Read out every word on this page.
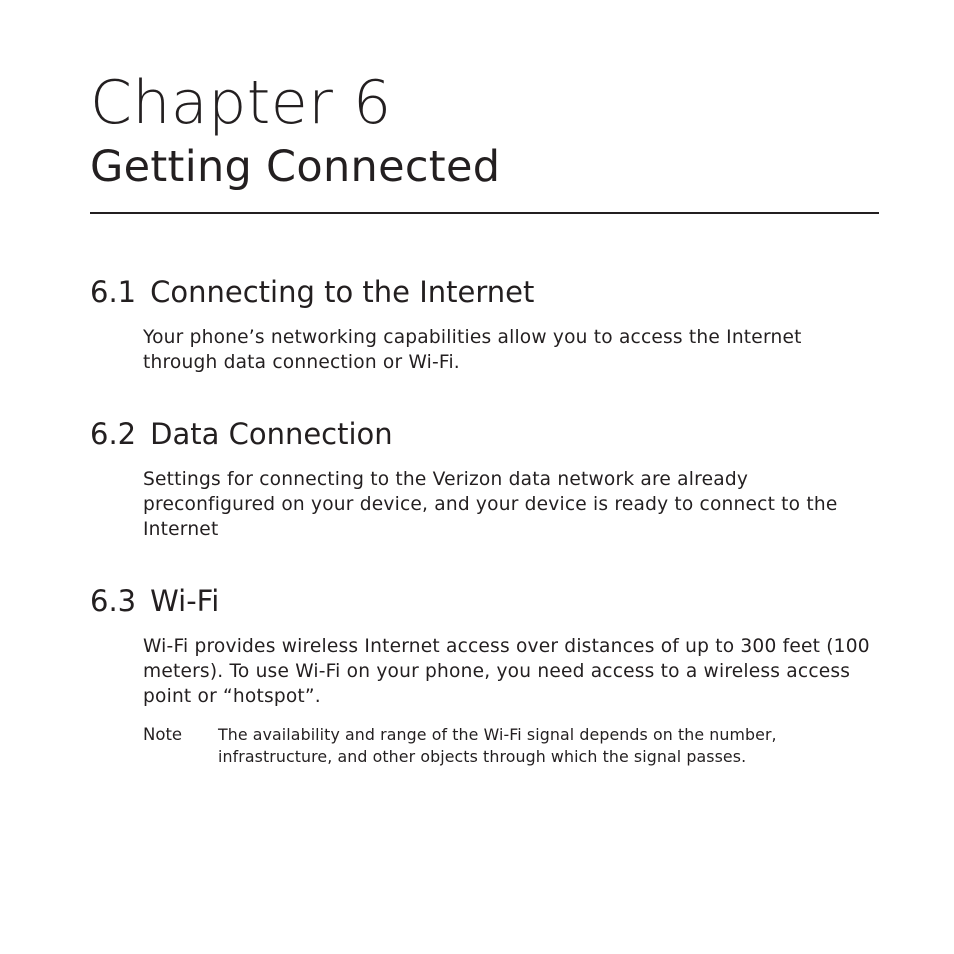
Chapter 6
Getting Connected
6.1 Connecting to the Internet
Your phone’s networking capabilities allow you to access the Internet through data connection or Wi-Fi.
6.2 Data Connection
Settings for connecting to the Verizon data network are already preconfigured on your device, and your device is ready to connect to the Internet
6.3 Wi-Fi
Wi-Fi provides wireless Internet access over distances of up to 300 feet (100 meters). To use Wi-Fi on your phone, you need access to a wireless access point or “hotspot”.
Note	The availability and range of the Wi-Fi signal depends on the number, infrastructure, and other objects through which the signal passes.
